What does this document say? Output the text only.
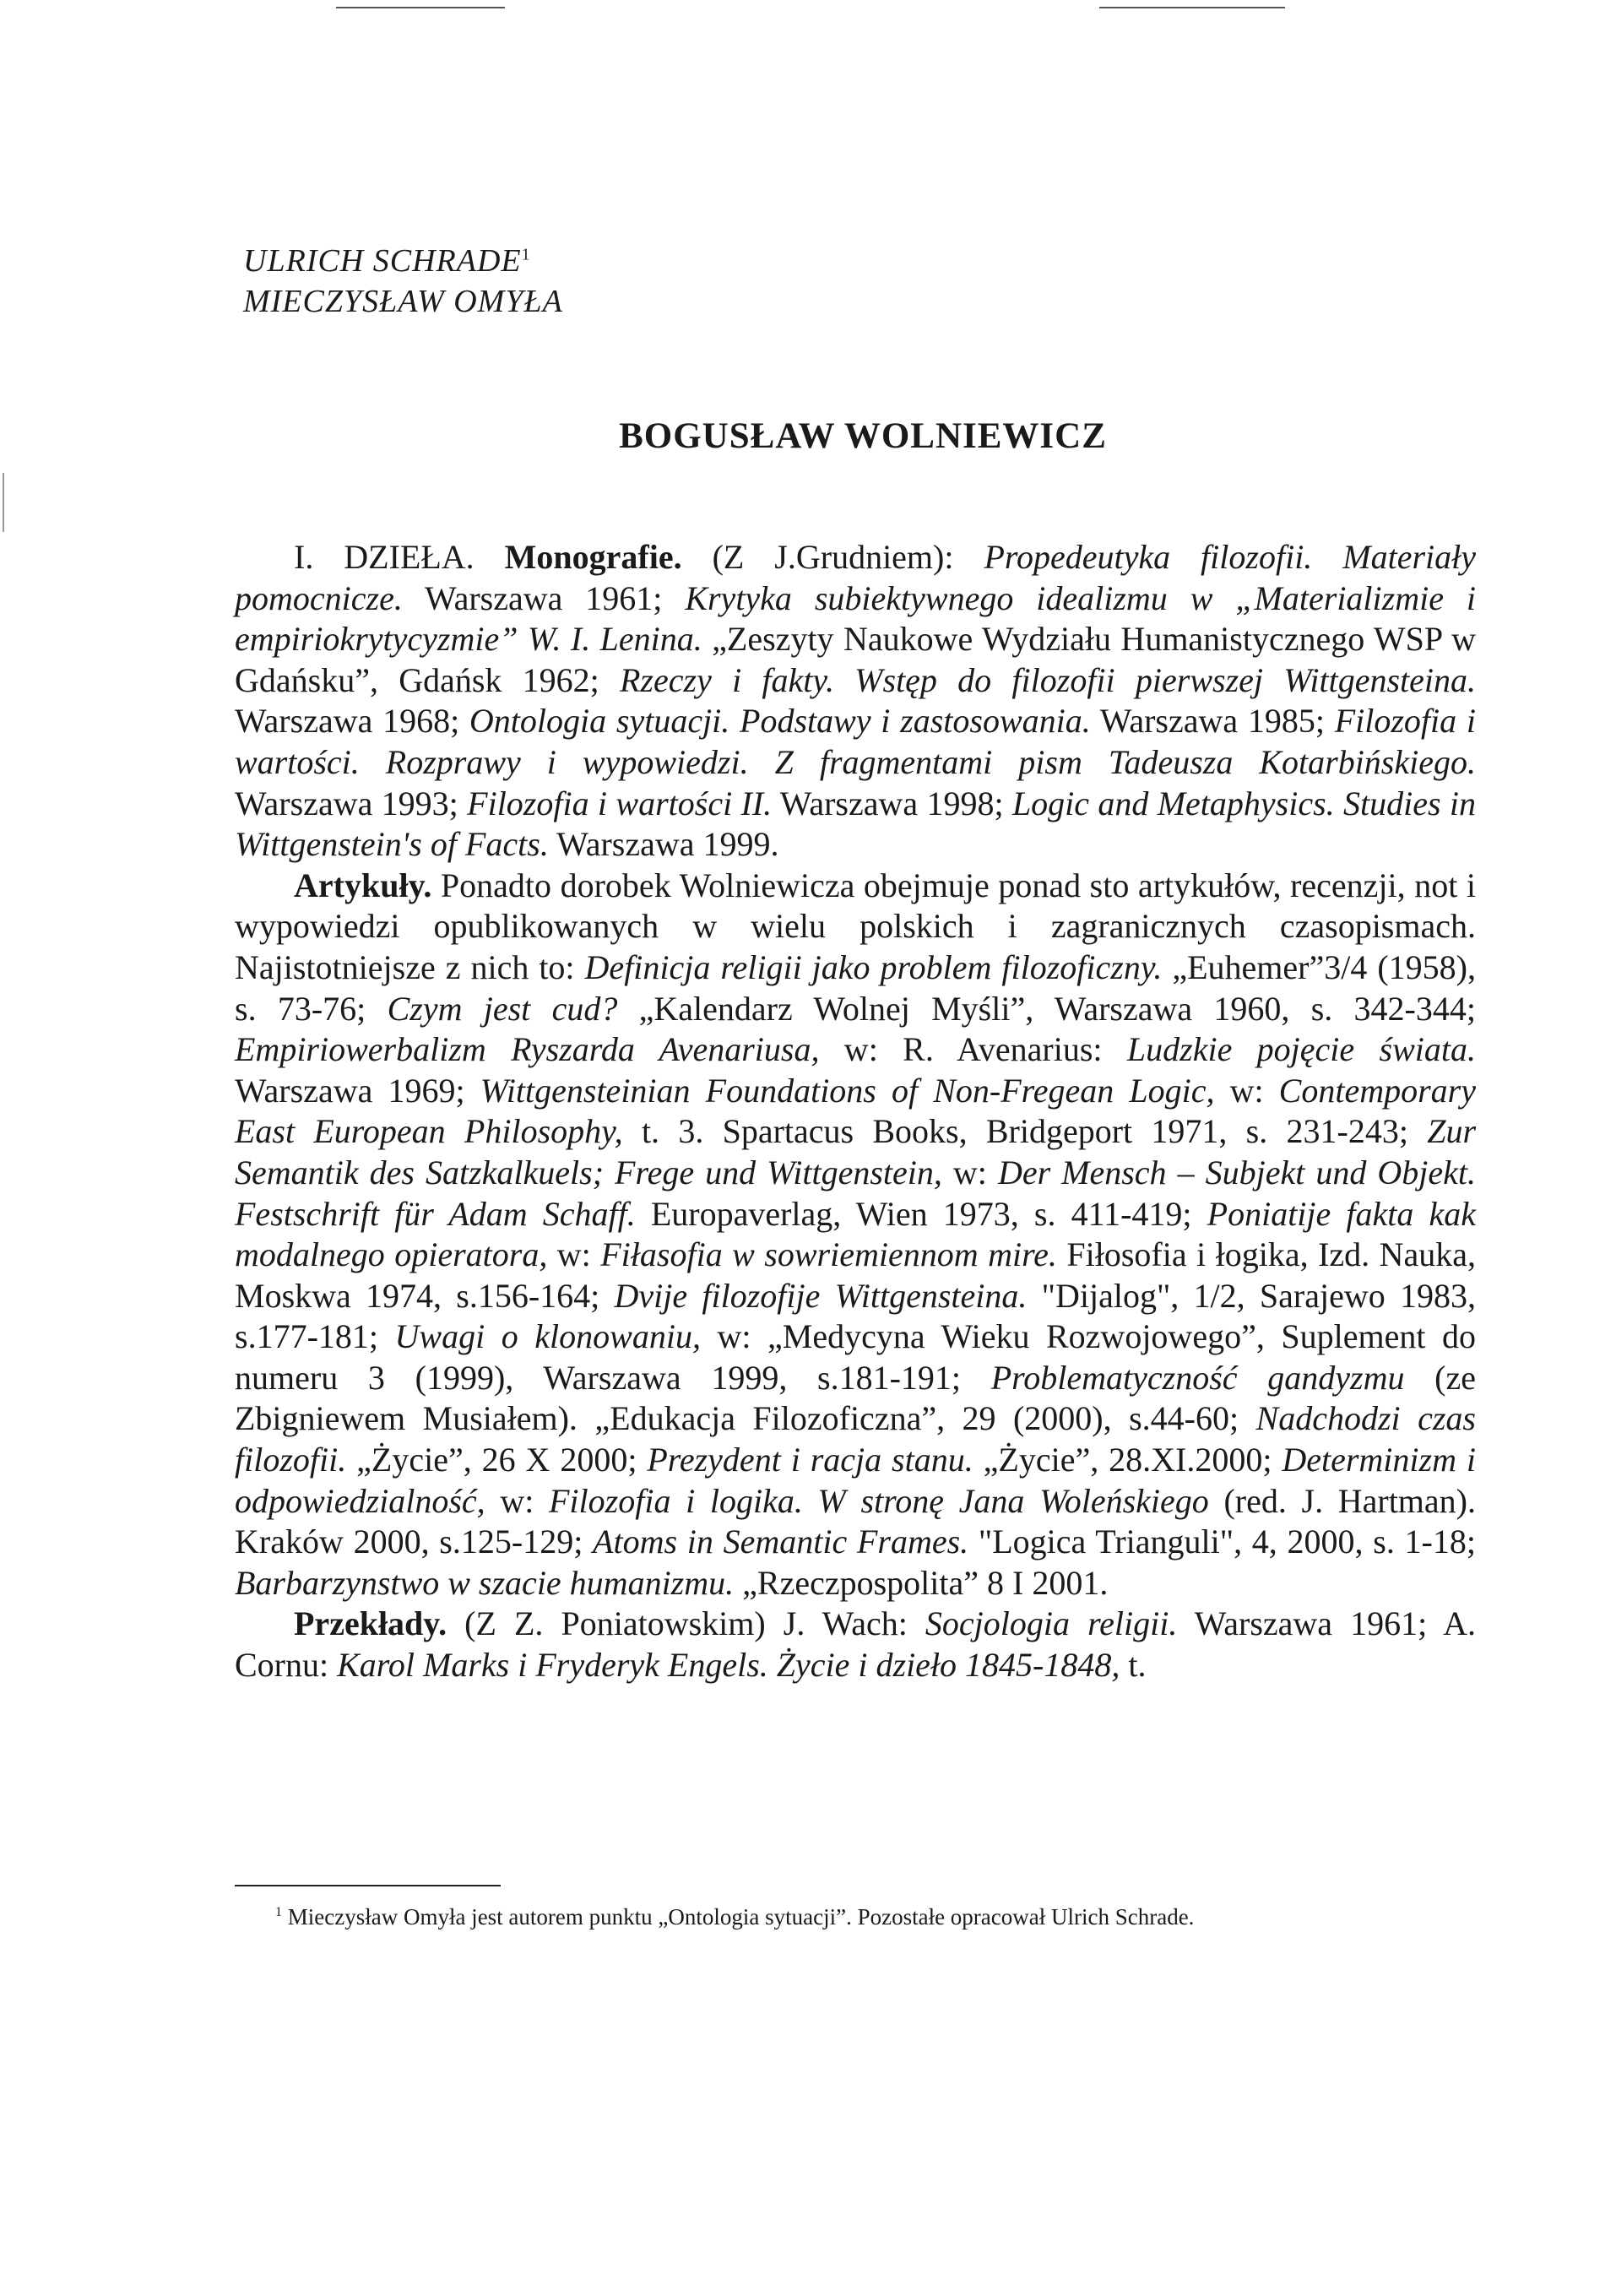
ULRICH SCHRADE$^1$
MIECZYSŁAW OMYŁA
BOGUSŁAW WOLNIEWICZ

I. DZIEŁA. Monografie. (Z J.Grudniem): Propedeutyka filozofii. Materiały pomocnicze. Warszawa 1961; Krytyka subiektywnego idealizmu w „Materializmie i empiriokrytycyzmie” W. I. Lenina. „Zeszyty Naukowe Wydziału Humanistycznego WSP w Gdańsku”, Gdańsk 1962; Rzeczy i fakty. Wstęp do filozofii pierwszej Wittgensteina. Warszawa 1968; Ontologia sytuacji. Podstawy i zastosowania. Warszawa 1985; Filozofia i wartości. Rozprawy i wypowiedzi. Z fragmentami pism Tadeusza Kotarbińskiego. Warszawa 1993; Filozofia i wartości II. Warszawa 1998; Logic and Metaphysics. Studies in Wittgenstein's of Facts. Warszawa 1999.

Artykuły. Ponadto dorobek Wolniewicza obejmuje ponad sto artykułów, recenzji, not i wypowiedzi opublikowanych w wielu polskich i zagranicznych czasopismach. Najistotniejsze z nich to: Definicja religii jako problem filozoficzny. „Euhemer”3/4 (1958), s. 73-76; Czym jest cud? „Kalendarz Wolnej Myśli”, Warszawa 1960, s. 342-344; Empiriowerbalizm Ryszarda Avenariusa, w: R. Avenarius: Ludzkie pojęcie świata. Warszawa 1969; Wittgensteinian Foundations of Non-Fregean Logic, w: Contemporary East European Philosophy, t. 3. Spartacus Books, Bridgeport 1971, s. 231-243; Zur Semantik des Satzkalkuels; Frege und Wittgenstein, w: Der Mensch – Subjekt und Objekt. Festschrift für Adam Schaff. Europaverlag, Wien 1973, s. 411-419; Poniatije fakta kak modalnego opieratora, w: Fiłasofia w sowriemiennom mire. Fiłosofia i łogika, Izd. Nauka, Moskwa 1974, s.156-164; Dvije filozofije Wittgensteina. "Dijalog", 1/2, Sarajewo 1983, s.177-181; Uwagi o klonowaniu, w: „Medycyna Wieku Rozwojowego”, Suplement do numeru 3 (1999), Warszawa 1999, s.181-191; Problematyczność gandyzmu (ze Zbigniewem Musiałem). „Edukacja Filozoficzna”, 29 (2000), s.44-60; Nadchodzi czas filozofii. „Życie”, 26 X 2000; Prezydent i racja stanu. „Życie”, 28.XI.2000; Determinizm i odpowiedzialność, w: Filozofia i logika. W stronę Jana Woleńskiego (red. J. Hartman). Kraków 2000, s.125-129; Atoms in Semantic Frames. "Logica Trianguli", 4, 2000, s. 1-18; Barbarzynstwo w szacie humanizmu. „Rzeczpospolita” 8 I 2001.

Przekłady. (Z Z. Poniatowskim) J. Wach: Socjologia religii. Warszawa 1961; A. Cornu: Karol Marks i Fryderyk Engels. Życie i dzieło 1845-1848, t.

$^1$ Mieczysław Omyła jest autorem punktu „Ontologia sytuacji”. Pozostałe opracował Ulrich Schrade.
